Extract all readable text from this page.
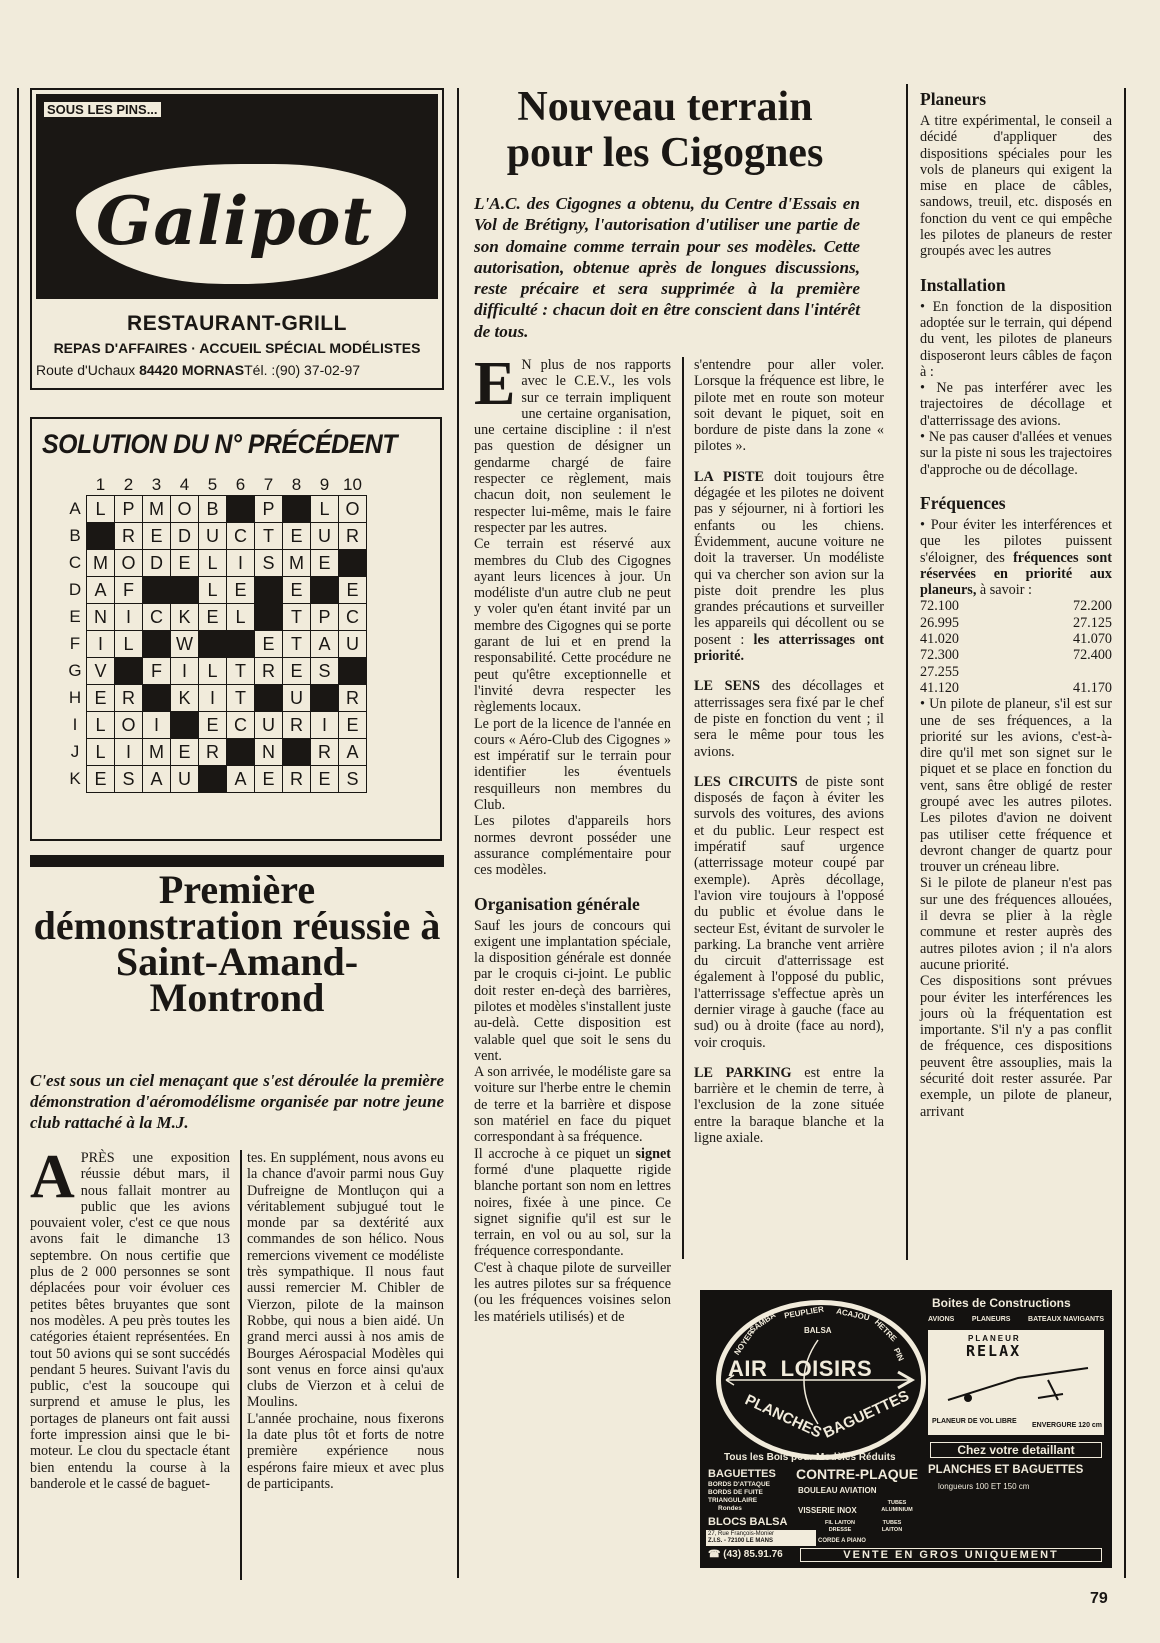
Galipot
SOUS LES PINS...
RESTAURANT-GRILL
REPAS D'AFFAIRES · ACCUEIL SPÉCIAL MODÉLISTES
Route d'Uchaux 84420 MORNASTél. :(90) 37-02-97
SOLUTION DU N° PRÉCÉDENT
	1	2	3	4	5	6	7	8	9	10
A	L	P	M	O	B		P		L	O
B		R	E	D	U	C	T	E	U	R
C	M	O	D	E	L	I	S	M	E	
D	A	F			L	E		E		E
E	N	I	C	K	E	L		T	P	C
F	I	L		W			E	T	A	U
G	V		F	I	L	T	R	E	S	
H	E	R		K	I	T		U		R
I	L	O	I		E	C	U	R	I	E
J	L	I	M	E	R		N		R	A
K	E	S	A	U		A	E	R	E	S
Première démonstration réussie à Saint-Amand-Montrond
C'est sous un ciel menaçant que s'est déroulée la première démonstration d'aéromodélisme organisée par notre jeune club rattaché à la M.J.

APRÈS une exposition réussie début mars, il nous fallait montrer au public que les avions pouvaient voler, c'est ce que nous avons fait le dimanche 13 septembre. On nous certifie que plus de 2 000 personnes se sont déplacées pour voir évoluer ces petites bêtes bruyantes que sont nos modèles. A peu près toutes les catégories étaient représentées. En tout 50 avions qui se sont succédés pendant 5 heures. Suivant l'avis du public, c'est la soucoupe qui surprend et amuse le plus, les portages de planeurs ont fait aussi forte impression ainsi que le bi-moteur. Le clou du spectacle étant bien entendu la course à la banderole et le cassé de baguet-

tes. En supplément, nous avons eu la chance d'avoir parmi nous Guy Dufreigne de Montluçon qui a véritablement subjugué tout le monde par sa dextérité aux commandes de son hélico. Nous remercions vivement ce modéliste très sympathique. Il nous faut aussi remercier M. Chibler de Vierzon, pilote de la mainson Robbe, qui nous a bien aidé. Un grand merci aussi à nos amis de Bourges Aérospacial Modèles qui sont venus en force ainsi qu'aux clubs de Vierzon et à celui de Moulins.

L'année prochaine, nous fixerons la date plus tôt et forts de notre première expérience nous espérons faire mieux et avec plus de participants.

Nouveau terrain
pour les Cigognes
L'A.C. des Cigognes a obtenu, du Centre d'Essais en Vol de Brétigny, l'autorisation d'utiliser une partie de son domaine comme terrain pour ses modèles. Cette autorisation, obtenue après de longues discussions, reste précaire et sera supprimée à la première difficulté : chacun doit en être conscient dans l'intérêt de tous.

E N plus de nos rapports avec le C.E.V., les vols sur ce terrain impliquent une certaine organisation, une certaine discipline : il n'est pas question de désigner un gendarme chargé de faire respecter ce règlement, mais chacun doit, non seulement le respecter lui-même, mais le faire respecter par les autres.

Ce terrain est réservé aux membres du Club des Cigognes ayant leurs licences à jour. Un modéliste d'un autre club ne peut y voler qu'en étant invité par un membre des Cigognes qui se porte garant de lui et en prend la responsabilité. Cette procédure ne peut qu'être exceptionnelle et l'invité devra respecter les règlements locaux.

Le port de la licence de l'année en cours « Aéro-Club des Cigognes » est impératif sur le terrain pour identifier les éventuels resquilleurs non membres du Club.

Les pilotes d'appareils hors normes devront posséder une assurance complémentaire pour ces modèles.

Organisation générale

Sauf les jours de concours qui exigent une implantation spéciale, la disposition générale est donnée par le croquis ci-joint. Le public doit rester en-deçà des barrières, pilotes et modèles s'installent juste au-delà. Cette disposition est valable quel que soit le sens du vent.

A son arrivée, le modéliste gare sa voiture sur l'herbe entre le chemin de terre et la barrière et dispose son matériel en face du piquet correspondant à sa fréquence.

Il accroche à ce piquet un signet formé d'une plaquette rigide blanche portant son nom en lettres noires, fixée à une pince. Ce signet signifie qu'il est sur le terrain, en vol ou au sol, sur la fréquence correspondante.

C'est à chaque pilote de surveiller les autres pilotes sur sa fréquence (ou les fréquences voisines selon les matériels utilisés) et de

s'entendre pour aller voler. Lorsque la fréquence est libre, le pilote met en route son moteur soit devant le piquet, soit en bordure de piste dans la zone « pilotes ».

LA PISTE doit toujours être dégagée et les pilotes ne doivent pas y séjourner, ni à fortiori les enfants ou les chiens. Évidemment, aucune voiture ne doit la traverser. Un modéliste qui va chercher son avion sur la piste doit prendre les plus grandes précautions et surveiller les appareils qui décollent ou se posent : les atterrissages ont priorité.

LE SENS des décollages et atterrissages sera fixé par le chef de piste en fonction du vent ; il sera le même pour tous les avions.

LES CIRCUITS de piste sont disposés de façon à éviter les survols des voitures, des avions et du public. Leur respect est impératif sauf urgence (atterrissage moteur coupé par exemple). Après décollage, l'avion vire toujours à l'opposé du public et évolue dans le secteur Est, évitant de survoler le parking. La branche vent arrière du circuit d'atterrissage est également à l'opposé du public, l'atterrissage s'effectue après un dernier virage à gauche (face au sud) ou à droite (face au nord), voir croquis.

LE PARKING est entre la barrière et le chemin de terre, à l'exclusion de la zone située entre la baraque blanche et la ligne axiale.

Planeurs

A titre expérimental, le conseil a décidé d'appliquer des dispositions spéciales pour les vols de planeurs qui exigent la mise en place de câbles, sandows, treuil, etc. disposés en fonction du vent ce qui empêche les pilotes de planeurs de rester groupés avec les autres

Installation

• En fonction de la disposition adoptée sur le terrain, qui dépend du vent, les pilotes de planeurs disposeront leurs câbles de façon à :

• Ne pas interférer avec les trajectoires de décollage et d'atterrissage des avions.

• Ne pas causer d'allées et venues sur la piste ni sous les trajectoires d'approche ou de décollage.

Fréquences

• Pour éviter les interférences et que les pilotes puissent s'éloigner, des fréquences sont réservées en priorité aux planeurs, à savoir :

72.100	72.200
26.995	27.125
41.020	41.070
72.300	72.400
27.255
41.120	41.170

• Un pilote de planeur, s'il est sur une de ses fréquences, a la priorité sur les avions, c'est-à-dire qu'il met son signet sur le piquet et se place en fonction du vent, sans être obligé de rester groupé avec les autres pilotes. Les pilotes d'avion ne doivent pas utiliser cette fréquence et devront changer de quartz pour trouver un créneau libre.

Si le pilote de planeur n'est pas sur une des fréquences allouées, il devra se plier à la règle commune et rester auprès des autres pilotes avion ; il n'a alors aucune priorité.

Ces dispositions sont prévues pour éviter les interférences les jours où la fréquentation est importante. S'il n'y a pas conflit de fréquence, ces dispositions peuvent être assouplies, mais la sécurité doit rester assurée. Par exemple, un pilote de planeur, arrivant

NOYER
SAMBA PEUPLIER ACAJOU
HETRE
PIN
BALSA
AIR LOISIRS
PLANCHES
BAGUETTES
Boites de Constructions
AVIONS	PLANEURS	BATEAUX NAVIGANTS
PLANEUR
RELAX
PLANEUR DE VOL LIBRE
ENVERGURE 120 cm
Tous les Bois pour Modèles Réduits
BAGUETTES
BORDS D'ATTAQUE
BORDS DE FUITE
TRIANGULAIRE
Rondes
BLOCS BALSA
CONTRE-PLAQUE
BOULEAU AVIATION
VISSERIE INOX
TUBES ALUMINIUM
FIL LAITON DRESSE
TUBES LAITON
CORDE A PIANO
Chez votre detaillant
PLANCHES ET BAGUETTES
longueurs 100 ET 150 cm
27, Rue François-Monier
Z.I.S. - 72100 LE MANS
☎ (43) 85.91.76	VENTE EN GROS UNIQUEMENT
79
